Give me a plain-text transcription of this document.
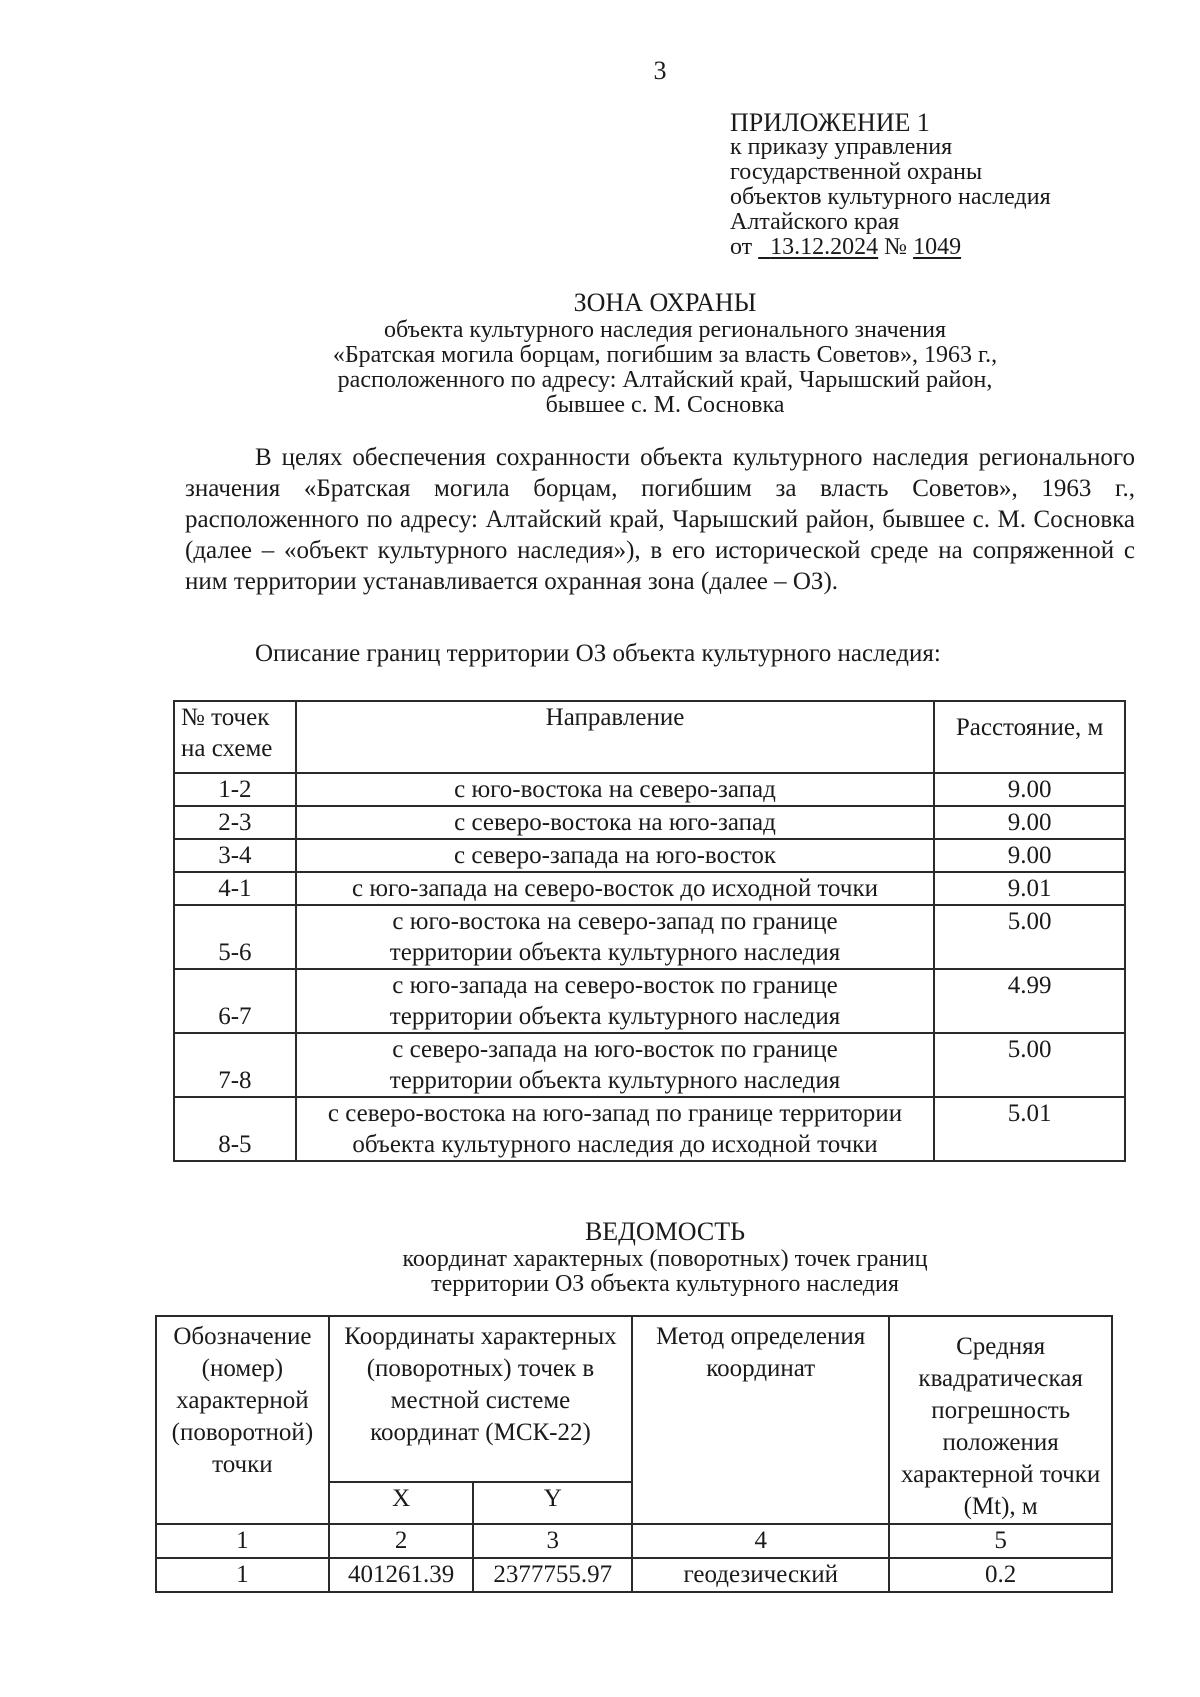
3
ПРИЛОЖЕНИЕ 1
к приказу управления
государственной охраны
объектов культурного наследия
Алтайского края
от 13.12.2024 № 1049
ЗОНА ОХРАНЫ
объекта культурного наследия регионального значения
«Братская могила борцам, погибшим за власть Советов», 1963 г.,
расположенного по адресу: Алтайский край, Чарышский район,
бывшее с. М. Сосновка
В целях обеспечения сохранности объекта культурного наследия регионального значения «Братская могила борцам, погибшим за власть Советов», 1963 г., расположенного по адресу: Алтайский край, Чарышский район, бывшее с. М. Сосновка (далее – «объект культурного наследия»), в его исторической среде на сопряженной с ним территории устанавливается охранная зона (далее – ОЗ).
Описание границ территории ОЗ объекта культурного наследия:
№ точек на схеме	Направление	Расстояние, м
1-2	с юго-востока на северо-запад	9.00
2-3	с северо-востока на юго-запад	9.00
3-4	с северо-запада на юго-восток	9.00
4-1	с юго-запада на северо-восток до исходной точки	9.01
5-6	с юго-востока на северо-запад по границе территории объекта культурного наследия	5.00
6-7	с юго-запада на северо-восток по границе территории объекта культурного наследия	4.99
7-8	с северо-запада на юго-восток по границе территории объекта культурного наследия	5.00
8-5	с северо-востока на юго-запад по границе территории объекта культурного наследия до исходной точки	5.01
ВЕДОМОСТЬ
координат характерных (поворотных) точек границ
территории ОЗ объекта культурного наследия
Обозначение (номер) характерной (поворотной) точки	Координаты характерных (поворотных) точек в местной системе координат (МСК-22)		Метод определения координат	Средняя квадратическая погрешность положения характерной точки (Mt), м
	X	Y		
1	2	3	4	5
1	401261.39	2377755.97	геодезический	0.2
